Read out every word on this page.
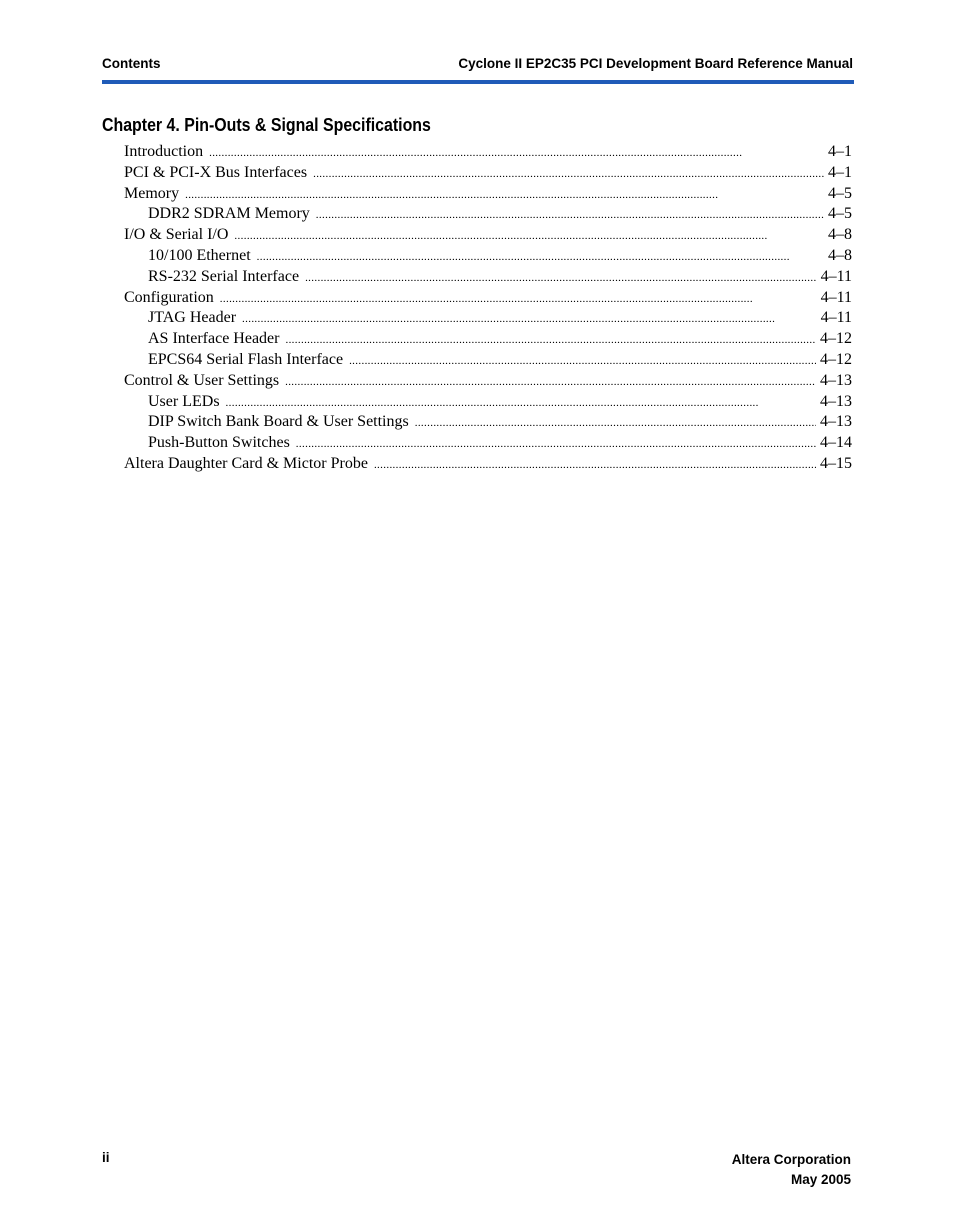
Contents	Cyclone II EP2C35 PCI Development Board Reference Manual
Chapter 4. Pin-Outs & Signal Specifications
Introduction . . .	4–1
PCI & PCI-X Bus Interfaces . . .	4–1
Memory . . .	4–5
DDR2 SDRAM Memory . . .	4–5
I/O & Serial I/O . . .	4–8
10/100 Ethernet . . .	4–8
RS-232 Serial Interface . . .	4–11
Configuration . . .	4–11
JTAG Header . . .	4–11
AS Interface Header . . .	4–12
EPCS64 Serial Flash Interface . . .	4–12
Control & User Settings . . .	4–13
User LEDs . . .	4–13
DIP Switch Bank Board & User Settings . . .	4–13
Push-Button Switches . . .	4–14
Altera Daughter Card & Mictor Probe . . .	4–15
ii	Altera Corporation
May 2005
